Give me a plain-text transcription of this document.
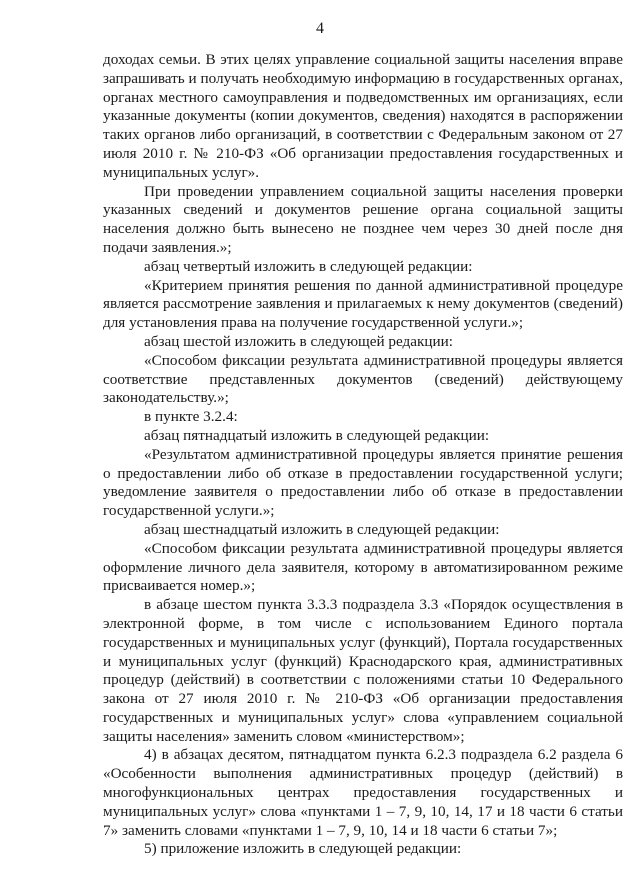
4

доходах семьи. В этих целях управление социальной защиты населения вправе запрашивать и получать необходимую информацию в государственных органах, органах местного самоуправления и подведомственных им организациях, если указанные документы (копии документов, сведения) находятся в распоряжении таких органов либо организаций, в соответствии с Федеральным законом от 27 июля 2010 г. № 210-ФЗ «Об организации предоставления государственных и муниципальных услуг».

При проведении управлением социальной защиты населения проверки указанных сведений и документов решение органа социальной защиты населения должно быть вынесено не позднее чем через 30 дней после дня подачи заявления.»;

абзац четвертый изложить в следующей редакции:

«Критерием принятия решения по данной административной процедуре является рассмотрение заявления и прилагаемых к нему документов (сведений) для установления права на получение государственной услуги.»;

абзац шестой изложить в следующей редакции:

«Способом фиксации результата административной процедуры является соответствие представленных документов (сведений) действующему законодательству.»;

в пункте 3.2.4:

абзац пятнадцатый изложить в следующей редакции:

«Результатом административной процедуры является принятие решения о предоставлении либо об отказе в предоставлении государственной услуги; уведомление заявителя о предоставлении либо об отказе в предоставлении государственной услуги.»;

абзац шестнадцатый изложить в следующей редакции:

«Способом фиксации результата административной процедуры является оформление личного дела заявителя, которому в автоматизированном режиме присваивается номер.»;

в абзаце шестом пункта 3.3.3 подраздела 3.3 «Порядок осуществления в электронной форме, в том числе с использованием Единого портала государственных и муниципальных услуг (функций), Портала государственных и муниципальных услуг (функций) Краснодарского края, административных процедур (действий) в соответствии с положениями статьи 10 Федерального закона от 27 июля 2010 г. № 210-ФЗ «Об организации предоставления государственных и муниципальных услуг» слова «управлением социальной защиты населения» заменить словом «министерством»;

4) в абзацах десятом, пятнадцатом пункта 6.2.3 подраздела 6.2 раздела 6 «Особенности выполнения административных процедур (действий) в многофункциональных центрах предоставления государственных и муниципальных услуг» слова «пунктами 1 – 7, 9, 10, 14, 17 и 18 части 6 статьи 7» заменить словами «пунктами 1 – 7, 9, 10, 14 и 18 части 6 статьи 7»;

5) приложение изложить в следующей редакции:
